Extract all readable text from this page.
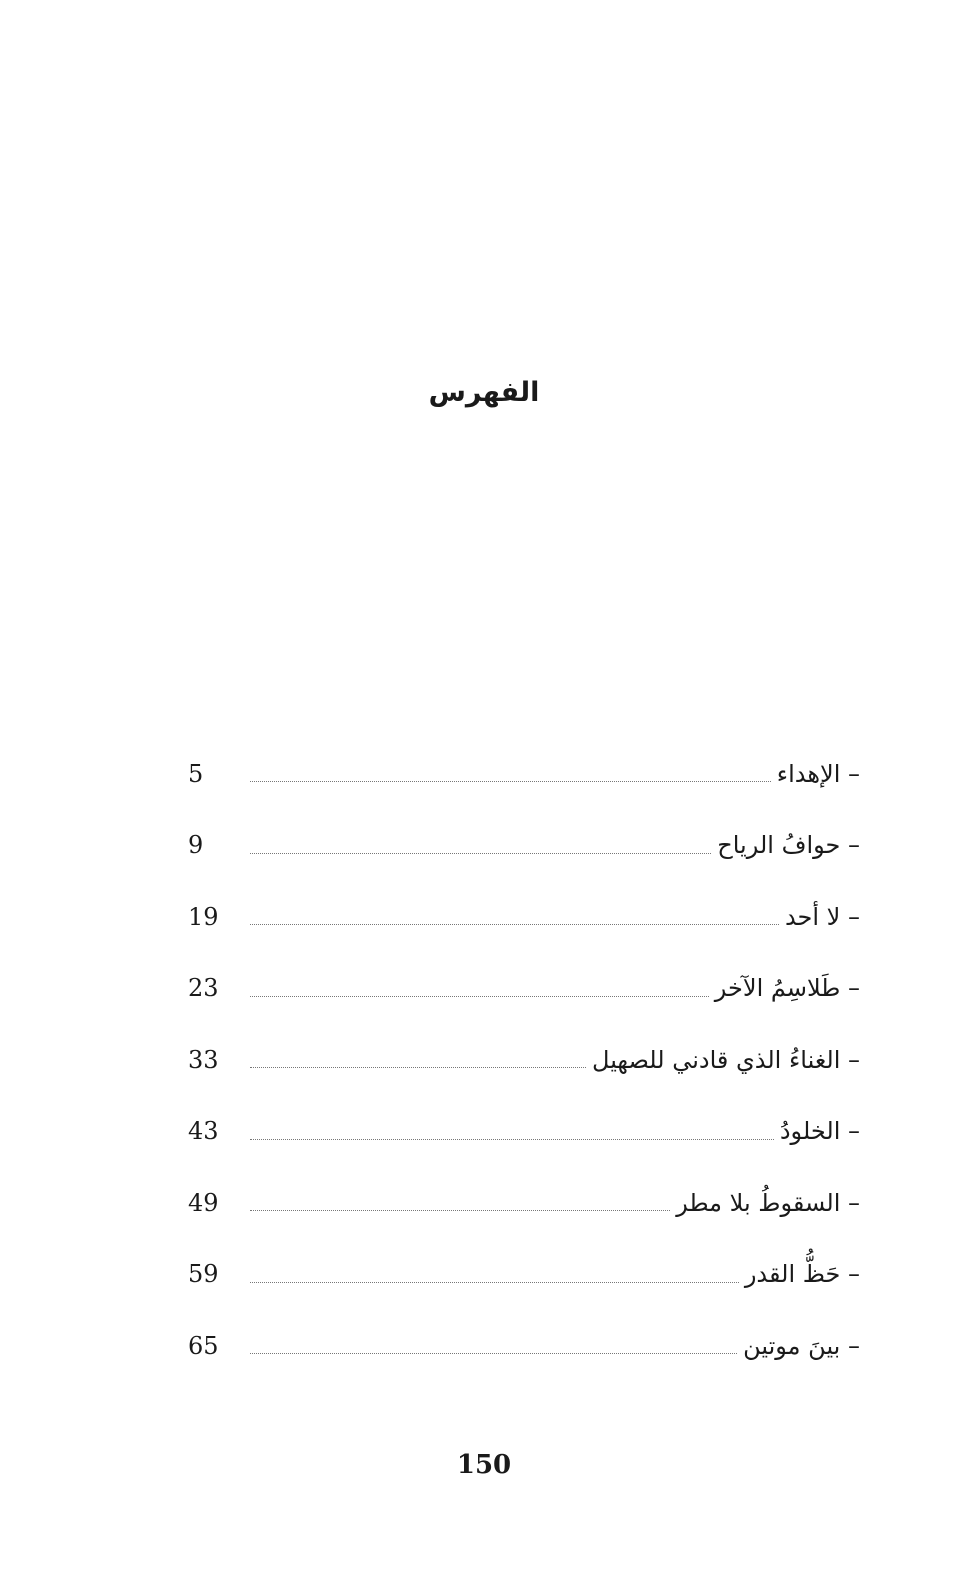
الفهرس
– الإهداء
5
– حوافُ الرياح
9
– لا أحد
19
– طَلاسِمُ الآخر
23
– الغناءُ الذي قادني للصهيل
33
– الخلودُ
43
– السقوطُ بلا مطر
49
– حَظُّ القدر
59
– بينَ موتين
65
150
